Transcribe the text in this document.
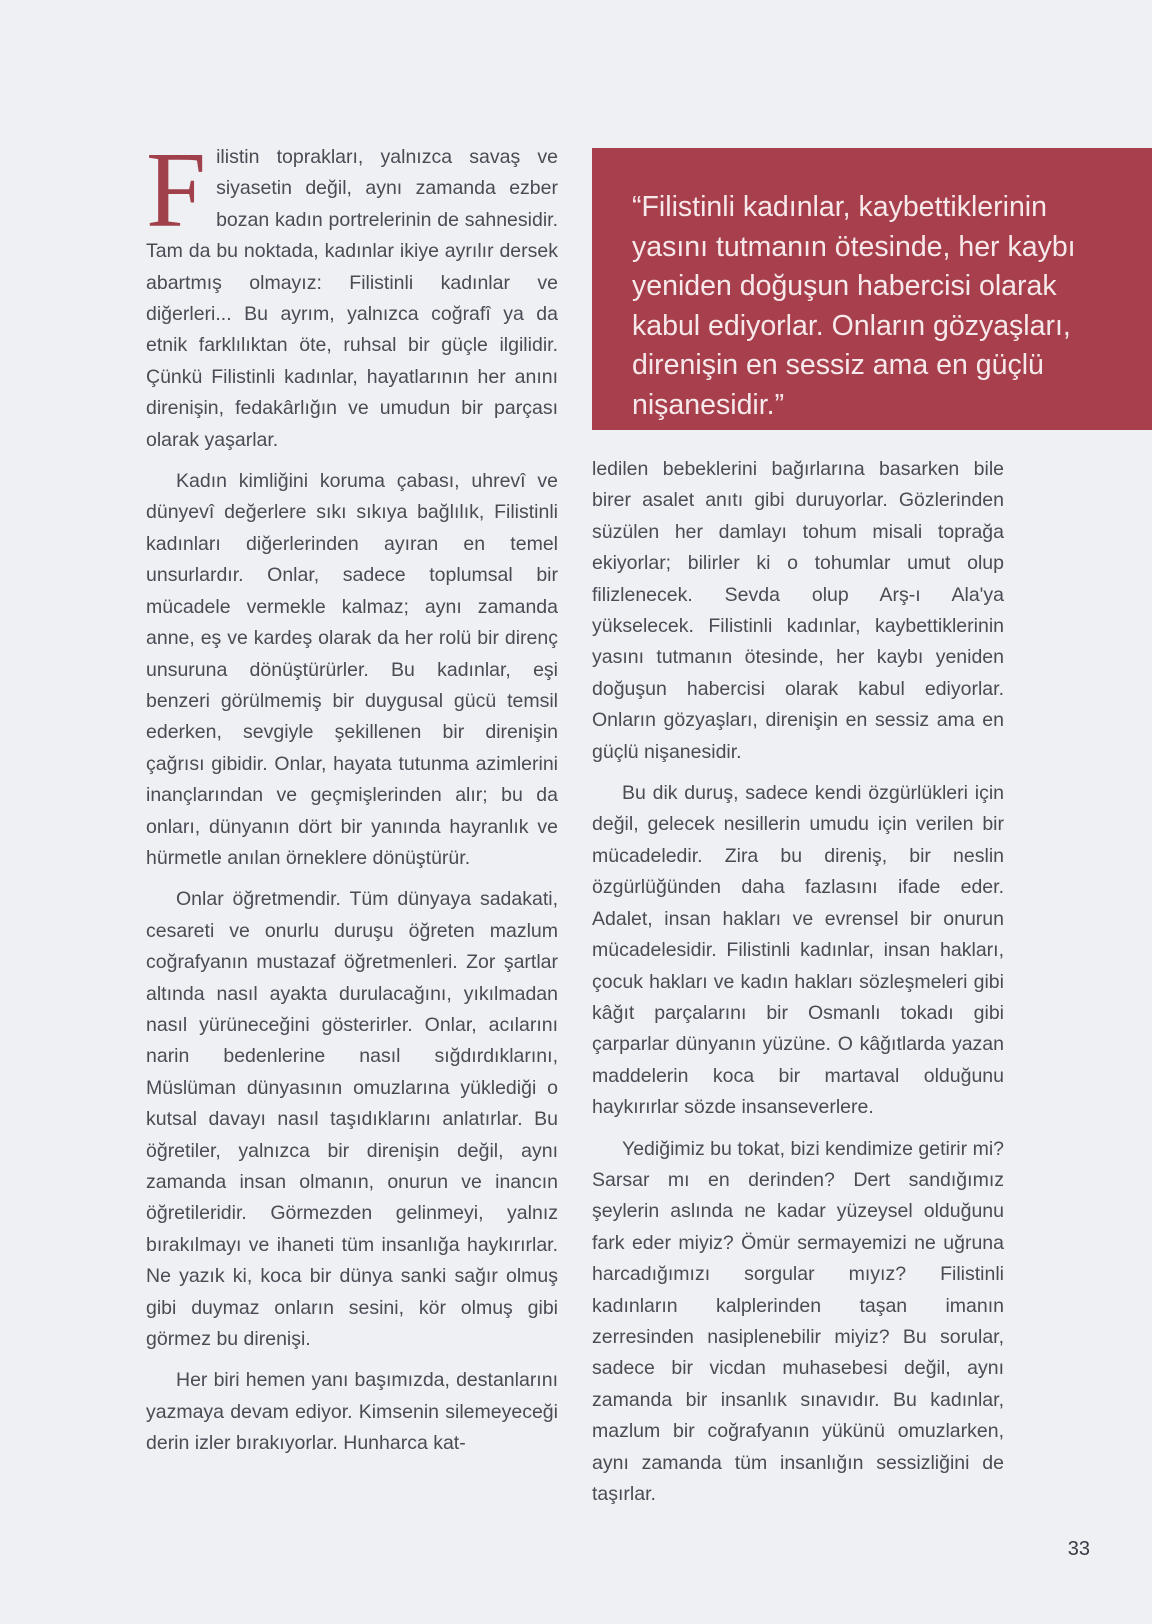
Filistin toprakları, yalnızca savaş ve siyasetin değil, aynı zamanda ezber bozan kadın portrelerinin de sahnesidir. Tam da bu noktada, kadınlar ikiye ayrılır dersek abartmış olmayız: Filistinli kadınlar ve diğerleri... Bu ayrım, yalnızca coğrafî ya da etnik farklılıktan öte, ruhsal bir güçle ilgilidir. Çünkü Filistinli kadınlar, hayatlarının her anını direnişin, fedakârlığın ve umudun bir parçası olarak yaşarlar.

Kadın kimliğini koruma çabası, uhrevî ve dünyevî değerlere sıkı sıkıya bağlılık, Filistinli kadınları diğerlerinden ayıran en temel unsurlardır. Onlar, sadece toplumsal bir mücadele vermekle kalmaz; aynı zamanda anne, eş ve kardeş olarak da her rolü bir direnç unsuruna dönüştürürler. Bu kadınlar, eşi benzeri görülmemiş bir duygusal gücü temsil ederken, sevgiyle şekillenen bir direnişin çağrısı gibidir. Onlar, hayata tutunma azimlerini inançlarından ve geçmişlerinden alır; bu da onları, dünyanın dört bir yanında hayranlık ve hürmetle anılan örneklere dönüştürür.

Onlar öğretmendir. Tüm dünyaya sadakati, cesareti ve onurlu duruşu öğreten mazlum coğrafyanın mustazaf öğretmenleri. Zor şartlar altında nasıl ayakta durulacağını, yıkılmadan nasıl yürüneceğini gösterirler. Onlar, acılarını narin bedenlerine nasıl sığdırdıklarını, Müslüman dünyasının omuzlarına yüklediği o kutsal davayı nasıl taşıdıklarını anlatırlar. Bu öğretiler, yalnızca bir direnişin değil, aynı zamanda insan olmanın, onurun ve inancın öğretileridir. Görmezden gelinmeyi, yalnız bırakılmayı ve ihaneti tüm insanlığa haykırırlar. Ne yazık ki, koca bir dünya sanki sağır olmuş gibi duymaz onların sesini, kör olmuş gibi görmez bu direnişi.

Her biri hemen yanı başımızda, destanlarını yazmaya devam ediyor. Kimsenin silemeyeceği derin izler bırakıyorlar. Hunharca kat-

“Filistinli kadınlar, kaybettiklerinin yasını tutmanın ötesinde, her kaybı yeniden doğuşun habercisi olarak kabul ediyorlar. Onların gözyaşları, direnişin en sessiz ama en güçlü nişanesidir.”

ledilen bebeklerini bağırlarına basarken bile birer asalet anıtı gibi duruyorlar. Gözlerinden süzülen her damlayı tohum misali toprağa ekiyorlar; bilirler ki o tohumlar umut olup filizlenecek. Sevda olup Arş-ı Ala'ya yükselecek. Filistinli kadınlar, kaybettiklerinin yasını tutmanın ötesinde, her kaybı yeniden doğuşun habercisi olarak kabul ediyorlar. Onların gözyaşları, direnişin en sessiz ama en güçlü nişanesidir.

Bu dik duruş, sadece kendi özgürlükleri için değil, gelecek nesillerin umudu için verilen bir mücadeledir. Zira bu direniş, bir neslin özgürlüğünden daha fazlasını ifade eder. Adalet, insan hakları ve evrensel bir onurun mücadelesidir. Filistinli kadınlar, insan hakları, çocuk hakları ve kadın hakları sözleşmeleri gibi kâğıt parçalarını bir Osmanlı tokadı gibi çarparlar dünyanın yüzüne. O kâğıtlarda yazan maddelerin koca bir martaval olduğunu haykırırlar sözde insanseverlere.

Yediğimiz bu tokat, bizi kendimize getirir mi? Sarsar mı en derinden? Dert sandığımız şeylerin aslında ne kadar yüzeysel olduğunu fark eder miyiz? Ömür sermayemizi ne uğruna harcadığımızı sorgular mıyız? Filistinli kadınların kalplerinden taşan imanın zerresinden nasiplenebilir miyiz? Bu sorular, sadece bir vicdan muhasebesi değil, aynı zamanda bir insanlık sınavıdır. Bu kadınlar, mazlum bir coğrafyanın yükünü omuzlarken, aynı zamanda tüm insanlığın sessizliğini de taşırlar.

33
